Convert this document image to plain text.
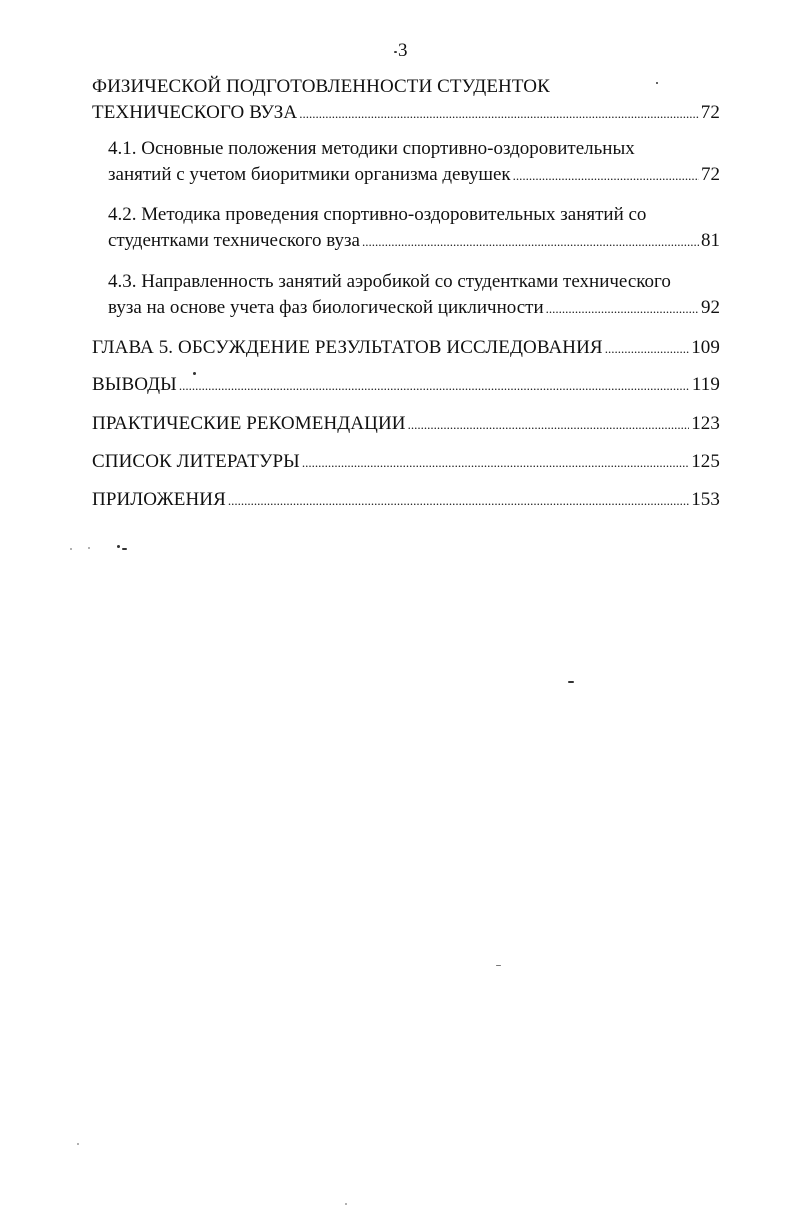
3
ФИЗИЧЕСКОЙ ПОДГОТОВЛЕННОСТИ СТУДЕНТОК
ТЕХНИЧЕСКОГО ВУЗА .....	72
4.1. Основные положения методики спортивно-оздоровительных
занятий с учетом биоритмики организма девушек .....	72
4.2. Методика проведения спортивно-оздоровительных занятий со
студентками технического вуза .....	81
4.3. Направленность занятий аэробикой со студентками технического
вуза на основе учета фаз биологической цикличности .....	92
ГЛАВА 5. ОБСУЖДЕНИЕ РЕЗУЛЬТАТОВ ИССЛЕДОВАНИЯ .....	109
ВЫВОДЫ .....	119
ПРАКТИЧЕСКИЕ РЕКОМЕНДАЦИИ .....	123
СПИСОК ЛИТЕРАТУРЫ .....	125
ПРИЛОЖЕНИЯ .....	153
